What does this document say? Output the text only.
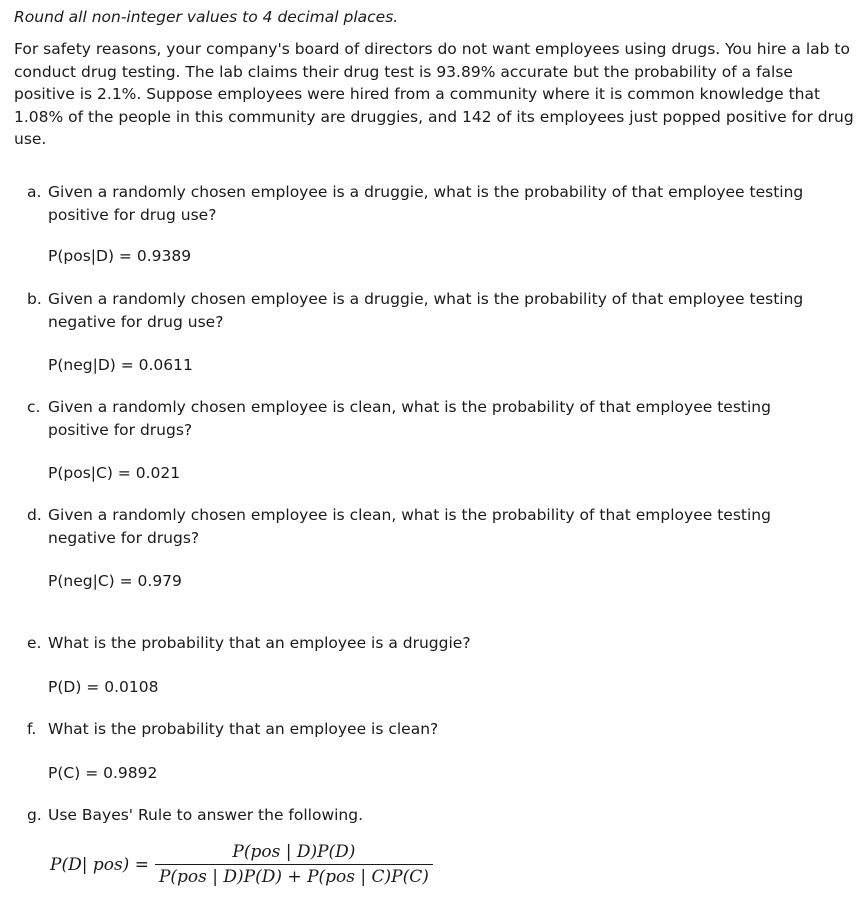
Round all non-integer values to 4 decimal places.

For safety reasons, your company's board of directors do not want employees using drugs. You hire a lab to conduct drug testing. The lab claims their drug test is 93.89% accurate but the probability of a false positive is 2.1%. Suppose employees were hired from a community where it is common knowledge that 1.08% of the people in this community are druggies, and 142 of its employees just popped positive for drug use.

a. Given a randomly chosen employee is a druggie, what is the probability of that employee testing positive for drug use?

P(pos|D) = 0.9389

b. Given a randomly chosen employee is a druggie, what is the probability of that employee testing negative for drug use?

P(neg|D) = 0.0611

c. Given a randomly chosen employee is clean, what is the probability of that employee testing positive for drugs?

P(pos|C) = 0.021

d. Given a randomly chosen employee is clean, what is the probability of that employee testing negative for drugs?

P(neg|C) = 0.979

e. What is the probability that an employee is a druggie?

P(D) = 0.0108

f. What is the probability that an employee is clean?

P(C) = 0.9892

g. Use Bayes' Rule to answer the following.

P(D| $pos) = \frac{\text{P(pos | D)P(D)}}{\text{P(pos | D)P(D) + P(pos | C)P(C)}}$
